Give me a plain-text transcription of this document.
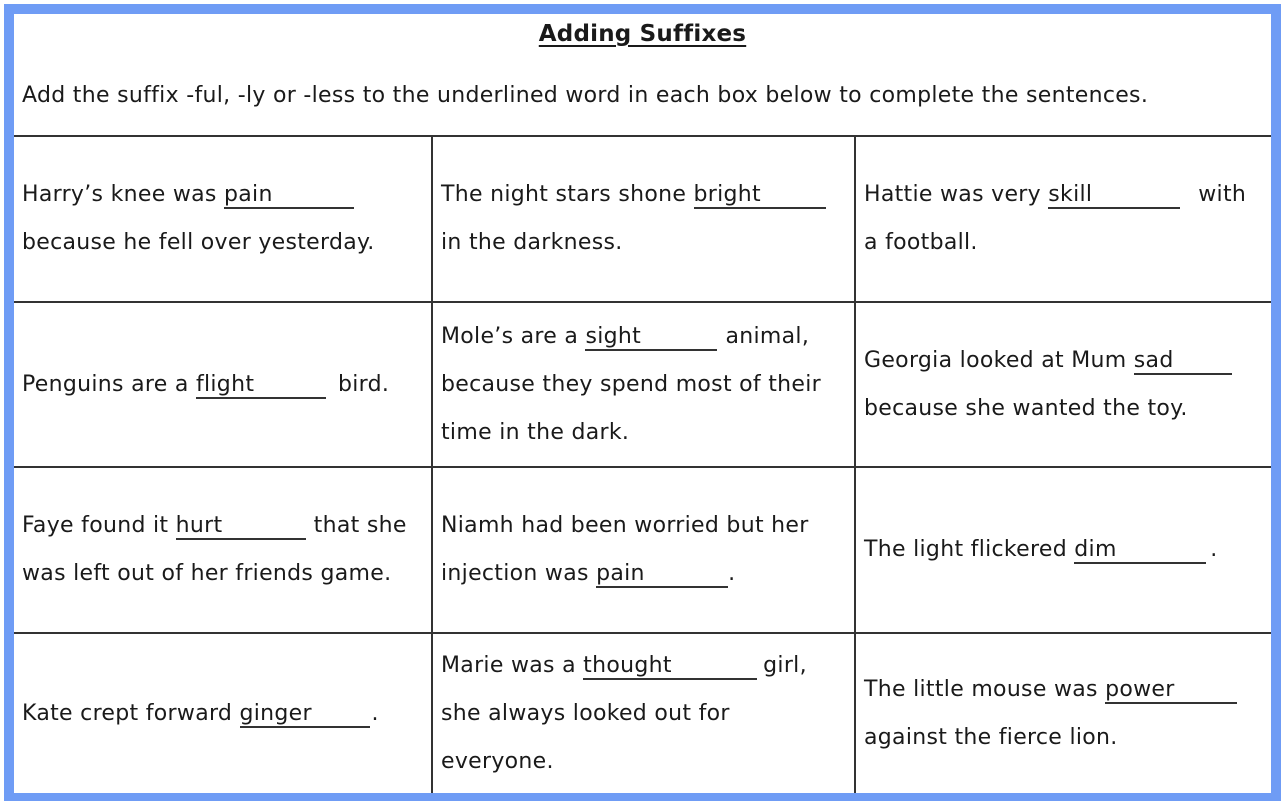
Adding Suffixes
Add the suffix -ful, -ly or -less to the underlined word in each box below to complete the sentences.
Harry’s knee was pain
because he fell over yesterday.
The night stars shone bright
in the darkness.
Hattie was very skill	with
a football.
Penguins are a flight	bird.
Mole’s are a sight	animal,
because they spend most of their
time in the dark.
Georgia looked at Mum sad
because she wanted the toy.
Faye found it hurt	that she
was left out of her friends game.
Niamh had been worried but her
injection was pain	.
The light flickered dim	.
Kate crept forward ginger	.
Marie was a thought	girl,
she always looked out for
everyone.
The little mouse was power
against the fierce lion.
